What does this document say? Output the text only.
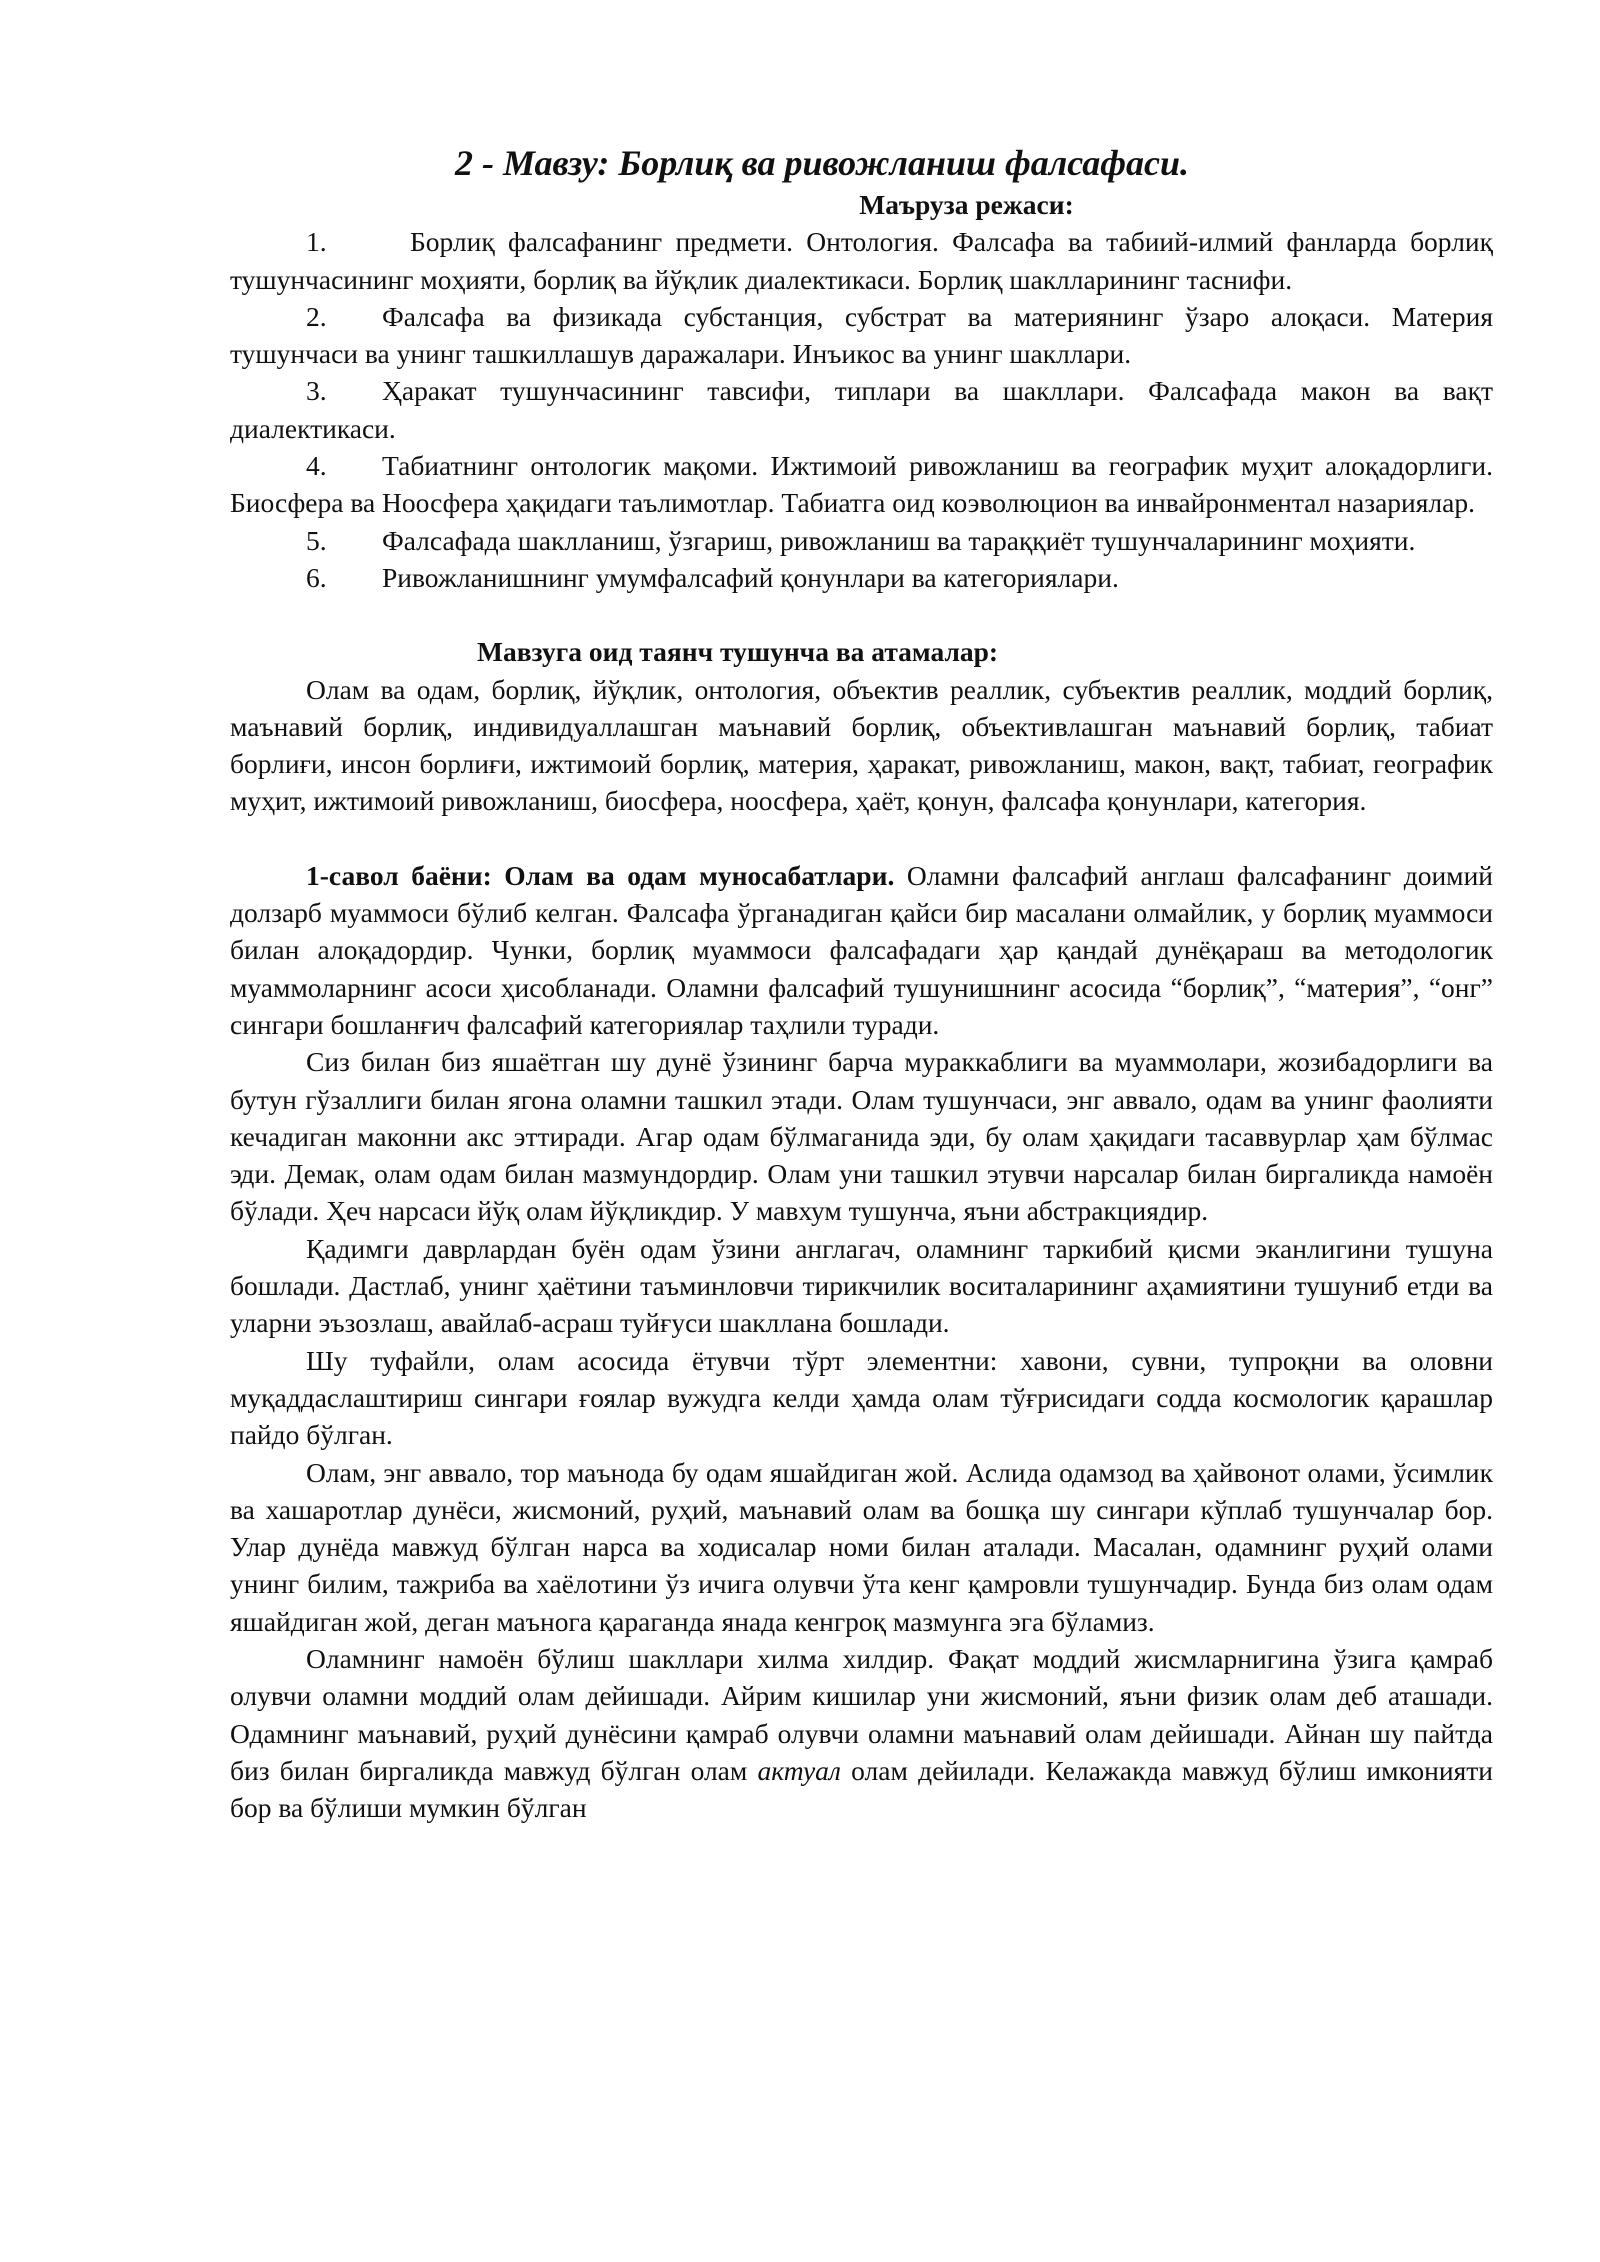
2 - Мавзу: Борлиқ ва ривожланиш фалсафаси.
Маъруза режаси:

1.	Борлиқ фалсафанинг предмети. Онтология. Фалсафа ва табиий-илмий фанларда борлиқ тушунчасининг моҳияти, борлиқ ва йўқлик диалектикаси. Борлиқ шаклларининг таснифи.

2. Фалсафа ва физикада субстанция, субстрат ва материянинг ўзаро алоқаси. Материя тушунчаси ва унинг ташкиллашув даражалари. Инъикос ва унинг шакллари.

3. Ҳаракат тушунчасининг тавсифи, типлари ва шакллари. Фалсафада макон ва вақт диалектикаси.

4. Табиатнинг онтологик мақоми. Ижтимоий ривожланиш ва географик муҳит алоқадорлиги. Биосфера ва Ноосфера ҳақидаги таълимотлар. Табиатга оид коэволюцион ва инвайронментал назариялар.

5. Фалсафада шаклланиш, ўзгариш, ривожланиш ва тараққиёт тушунчаларининг моҳияти.

6. Ривожланишнинг умумфалсафий қонунлари ва категориялари.

Мавзуга оид таянч тушунча ва атамалар:

Олам ва одам, борлиқ, йўқлик, онтология, объектив реаллик, субъектив реаллик, моддий борлиқ, маънавий борлиқ, индивидуаллашган маънавий борлиқ, объективлашган маънавий борлиқ, табиат борлиғи, инсон борлиғи, ижтимоий борлиқ, материя, ҳаракат, ривожланиш, макон, вақт, табиат, географик муҳит, ижтимоий ривожланиш, биосфера, ноосфера, ҳаёт, қонун, фалсафа қонунлари, категория.

1-савол баёни: Олам ва одам муносабатлари. Оламни фалсафий англаш фалсафанинг доимий долзарб муаммоси бўлиб келган. Фалсафа ўрганадиган қайси бир масалани олмайлик, у борлиқ муаммоси билан алоқадордир. Чунки, борлиқ муаммоси фалсафадаги ҳар қандай дунёқараш ва методологик муаммоларнинг асоси ҳисобланади. Оламни фалсафий тушунишнинг асосида “борлиқ”, “материя”, “онг” сингари бошланғич фалсафий категориялар таҳлили туради.

Сиз билан биз яшаётган шу дунё ўзининг барча мураккаблиги ва муаммолари, жозибадорлиги ва бутун гўзаллиги билан ягона оламни ташкил этади. Олам тушунчаси, энг аввало, одам ва унинг фаолияти кечадиган маконни акс эттиради. Агар одам бўлмаганида эди, бу олам ҳақидаги тасаввурлар ҳам бўлмас эди. Демак, олам одам билан мазмундордир. Олам уни ташкил этувчи нарсалар билан биргаликда намоён бўлади. Ҳеч нарсаси йўқ олам йўқликдир. У мавхум тушунча, яъни абстракциядир.

Қадимги даврлардан буён одам ўзини англагач, оламнинг таркибий қисми эканлигини тушуна бошлади. Дастлаб, унинг ҳаётини таъминловчи тирикчилик воситаларининг аҳамиятини тушуниб етди ва уларни эъзозлаш, авайлаб-асраш туйғуси шакллана бошлади.

Шу туфайли, олам асосида ётувчи тўрт элементни: хавони, сувни, тупроқни ва оловни муқаддаслаштириш сингари ғоялар вужудга келди ҳамда олам тўғрисидаги содда космологик қарашлар пайдо бўлган.

Олам, энг аввало, тор маънода бу одам яшайдиган жой. Аслида одамзод ва ҳайвонот олами, ўсимлик ва хашаротлар дунёси, жисмоний, руҳий, маънавий олам ва бошқа шу сингари кўплаб тушунчалар бор. Улар дунёда мавжуд бўлган нарса ва ходисалар номи билан аталади. Масалан, одамнинг руҳий олами унинг билим, тажриба ва хаёлотини ўз ичига олувчи ўта кенг қамровли тушунчадир. Бунда биз олам одам яшайдиган жой, деган маънога қараганда янада кенгроқ мазмунга эга бўламиз.

Оламнинг намоён бўлиш шакллари хилма хилдир. Фақат моддий жисмларнигина ўзига қамраб олувчи оламни моддий олам дейишади. Айрим кишилар уни жисмоний, яъни физик олам деб аташади. Одамнинг маънавий, руҳий дунёсини қамраб олувчи оламни маънавий олам дейишади. Айнан шу пайтда биз билан биргаликда мавжуд бўлган олам актуал олам дейилади. Келажакда мавжуд бўлиш имконияти бор ва бўлиши мумкин бўлган
